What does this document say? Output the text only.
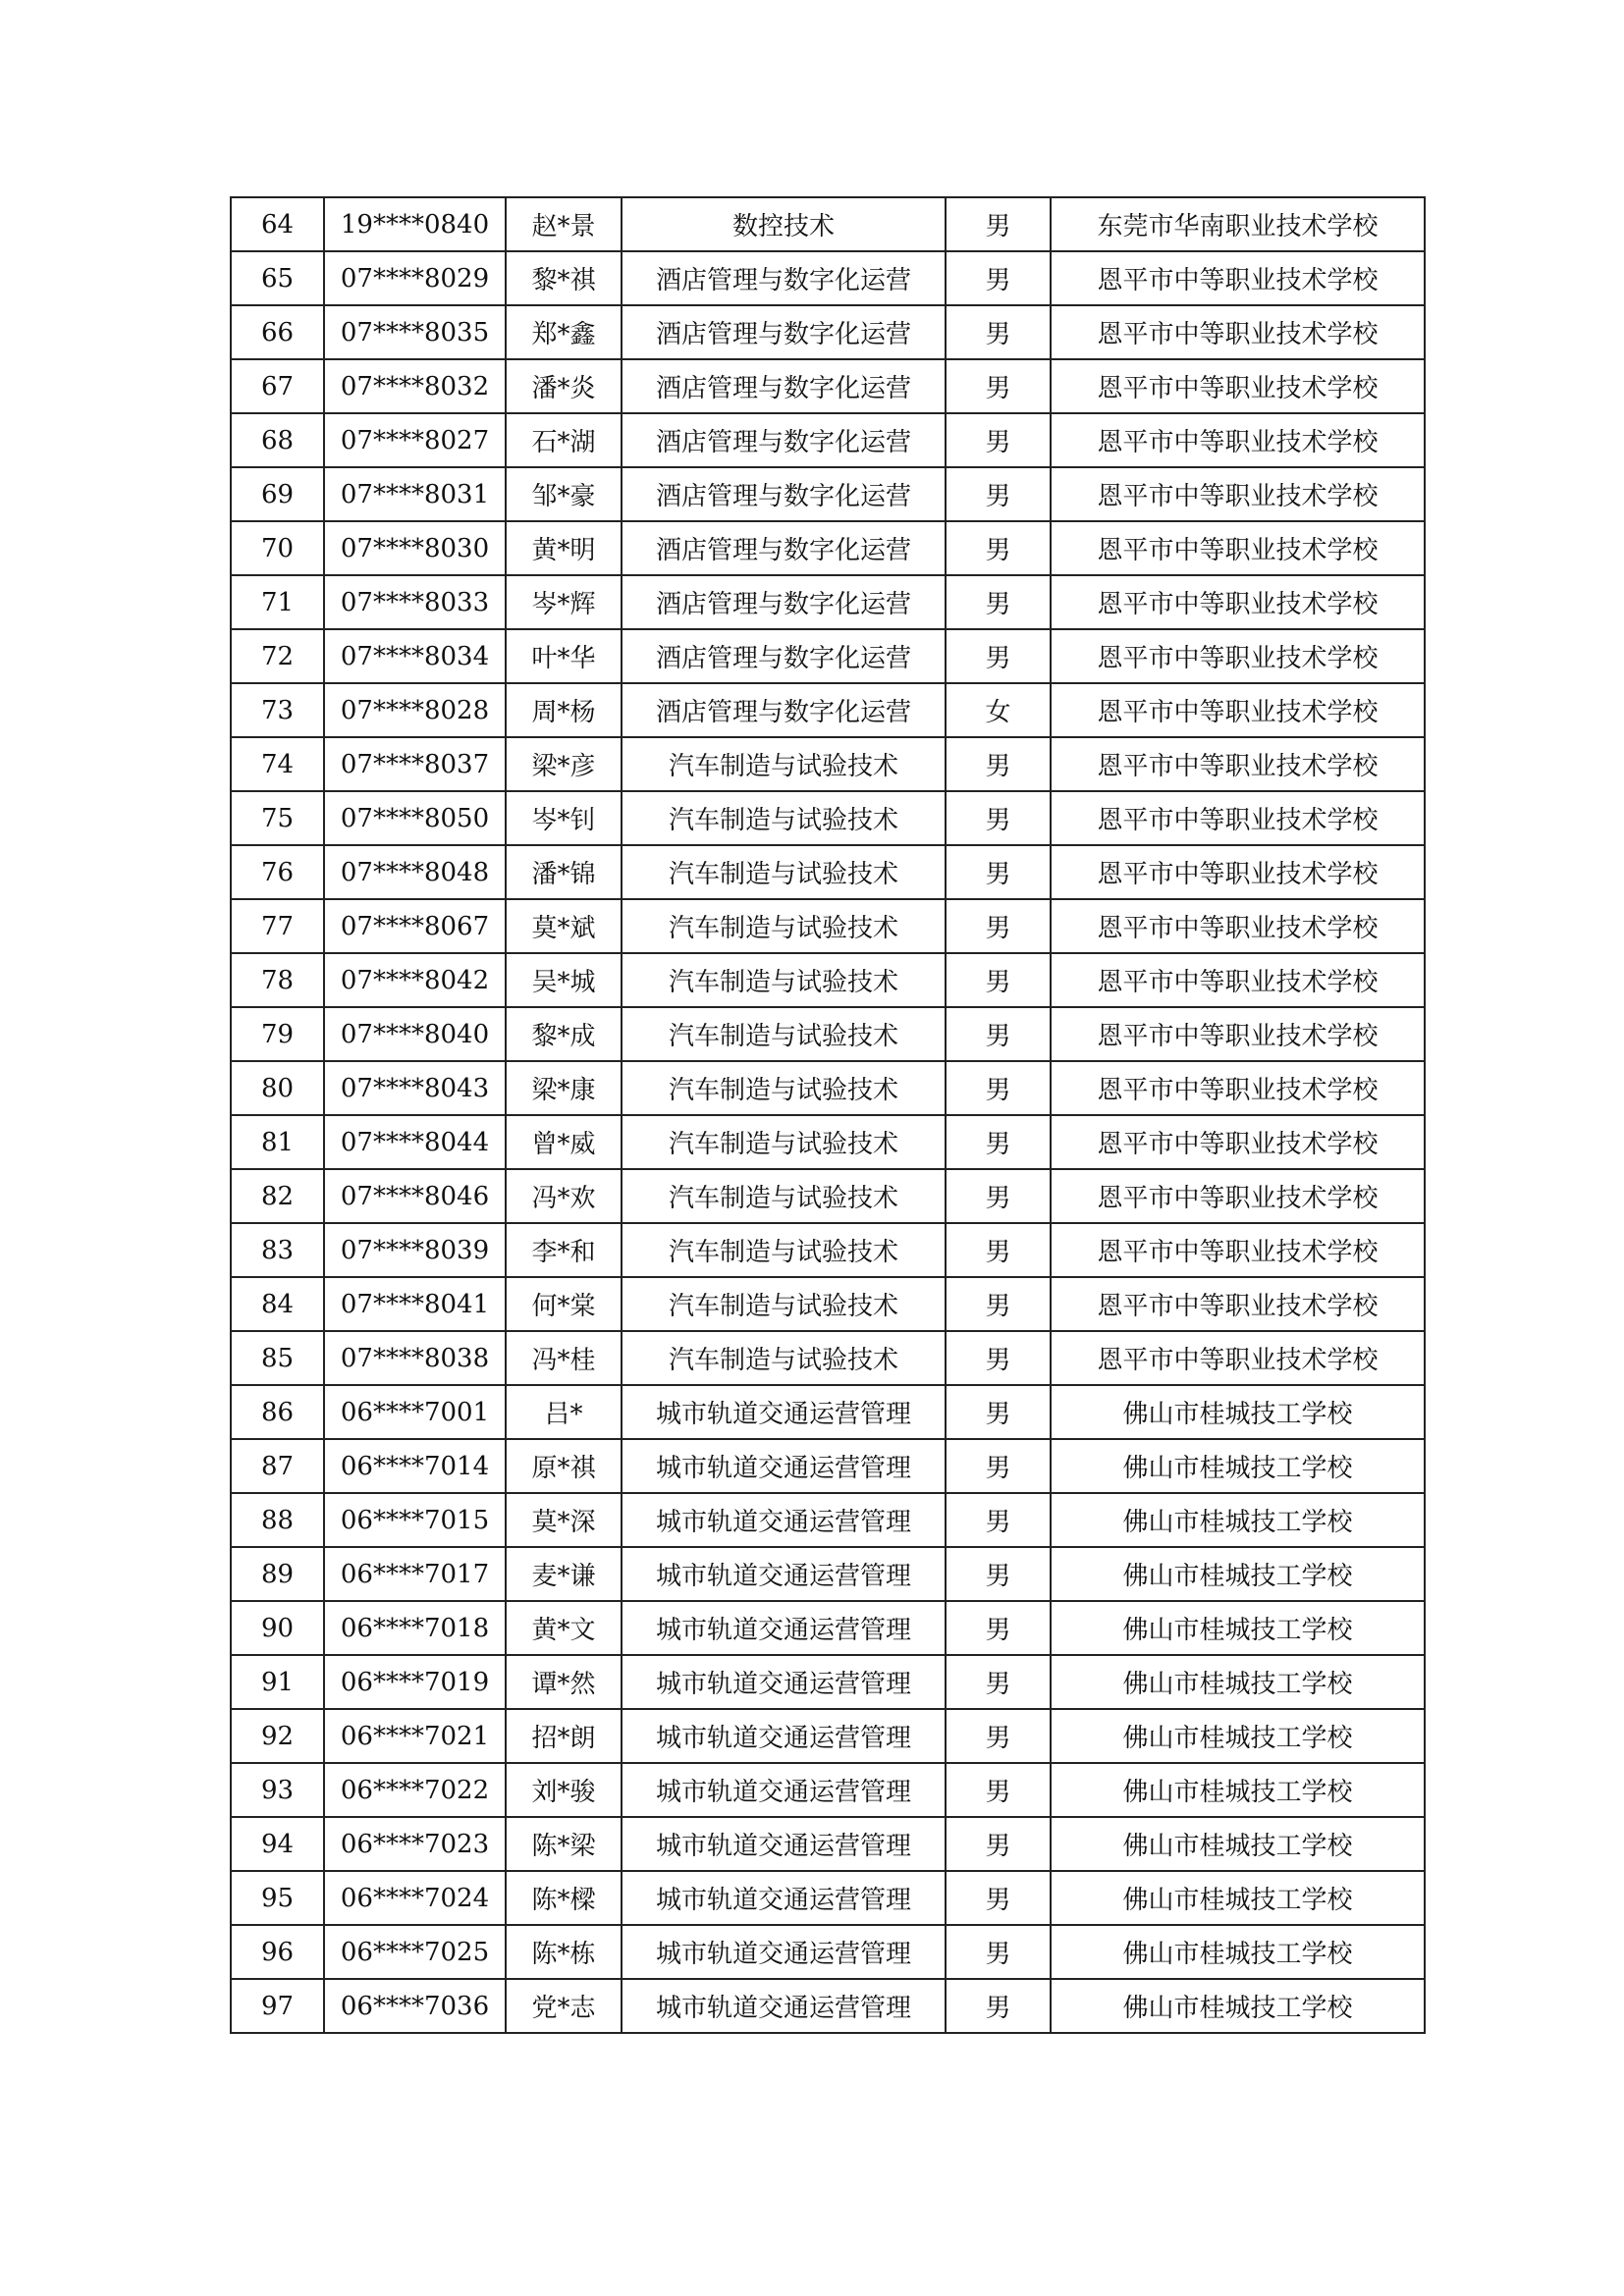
64	19****0840	赵*景	数控技术	男	东莞市华南职业技术学校
65	07****8029	黎*祺	酒店管理与数字化运营	男	恩平市中等职业技术学校
66	07****8035	郑*鑫	酒店管理与数字化运营	男	恩平市中等职业技术学校
67	07****8032	潘*炎	酒店管理与数字化运营	男	恩平市中等职业技术学校
68	07****8027	石*湖	酒店管理与数字化运营	男	恩平市中等职业技术学校
69	07****8031	邹*豪	酒店管理与数字化运营	男	恩平市中等职业技术学校
70	07****8030	黄*明	酒店管理与数字化运营	男	恩平市中等职业技术学校
71	07****8033	岑*辉	酒店管理与数字化运营	男	恩平市中等职业技术学校
72	07****8034	叶*华	酒店管理与数字化运营	男	恩平市中等职业技术学校
73	07****8028	周*杨	酒店管理与数字化运营	女	恩平市中等职业技术学校
74	07****8037	梁*彦	汽车制造与试验技术	男	恩平市中等职业技术学校
75	07****8050	岑*钊	汽车制造与试验技术	男	恩平市中等职业技术学校
76	07****8048	潘*锦	汽车制造与试验技术	男	恩平市中等职业技术学校
77	07****8067	莫*斌	汽车制造与试验技术	男	恩平市中等职业技术学校
78	07****8042	吴*城	汽车制造与试验技术	男	恩平市中等职业技术学校
79	07****8040	黎*成	汽车制造与试验技术	男	恩平市中等职业技术学校
80	07****8043	梁*康	汽车制造与试验技术	男	恩平市中等职业技术学校
81	07****8044	曾*威	汽车制造与试验技术	男	恩平市中等职业技术学校
82	07****8046	冯*欢	汽车制造与试验技术	男	恩平市中等职业技术学校
83	07****8039	李*和	汽车制造与试验技术	男	恩平市中等职业技术学校
84	07****8041	何*棠	汽车制造与试验技术	男	恩平市中等职业技术学校
85	07****8038	冯*桂	汽车制造与试验技术	男	恩平市中等职业技术学校
86	06****7001	吕*	城市轨道交通运营管理	男	佛山市桂城技工学校
87	06****7014	原*祺	城市轨道交通运营管理	男	佛山市桂城技工学校
88	06****7015	莫*深	城市轨道交通运营管理	男	佛山市桂城技工学校
89	06****7017	麦*谦	城市轨道交通运营管理	男	佛山市桂城技工学校
90	06****7018	黄*文	城市轨道交通运营管理	男	佛山市桂城技工学校
91	06****7019	谭*然	城市轨道交通运营管理	男	佛山市桂城技工学校
92	06****7021	招*朗	城市轨道交通运营管理	男	佛山市桂城技工学校
93	06****7022	刘*骏	城市轨道交通运营管理	男	佛山市桂城技工学校
94	06****7023	陈*梁	城市轨道交通运营管理	男	佛山市桂城技工学校
95	06****7024	陈*樑	城市轨道交通运营管理	男	佛山市桂城技工学校
96	06****7025	陈*栋	城市轨道交通运营管理	男	佛山市桂城技工学校
97	06****7036	党*志	城市轨道交通运营管理	男	佛山市桂城技工学校
